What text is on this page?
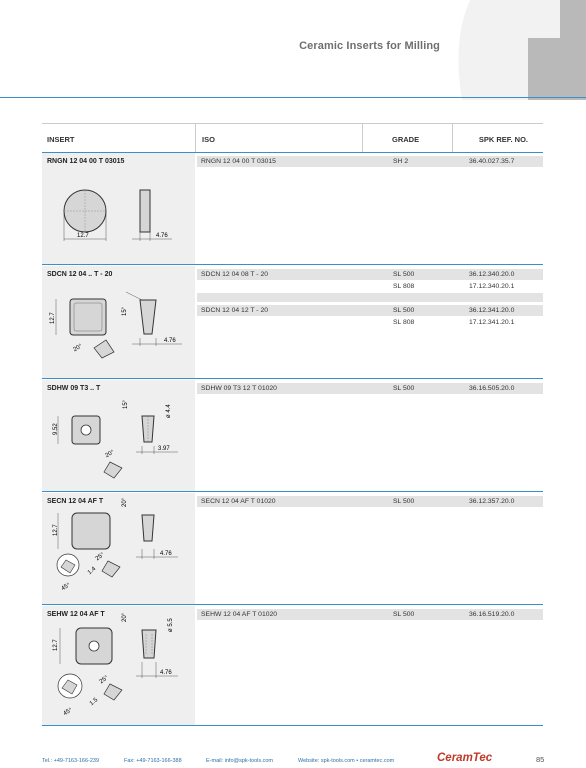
Ceramic Inserts for Milling
INSERT	ISO	GRADE	SPK REF. NO.
RNGN 12 04 00 T 03015
12.7	4.76
RNGN 12 04 00 T 03015	SH 2	36.40.027.35.7
SDCN 12 04 .. T - 20
12.7
20°
15°
4.76
SDCN 12 04 08 T - 20	SL 500	36.12.340.20.0
SL 808	17.12.340.20.1
SDCN 12 04 12 T - 20	SL 500	36.12.341.20.0
SL 808	17.12.341.20.1
SDHW 09 T3 .. T
9.52
20°
15°	ø 4.4
3.97
SDHW 09 T3 12 T 01020	SL 500	36.16.505.20.0
SECN 12 04 AF T
12.7
45°
1.4
25°
20°
4.76
SECN 12 04 AF T 01020	SL 500	36.12.357.20.0
SEHW 12 04 AF T
12.7
45°
1.5
25°
20°
ø 5.5
4.76
SEHW 12 04 AF T 01020	SL 500	36.16.519.20.0
Tel.: +49-7163-166-239	Fax: +49-7163-166-388	E-mail: info@spk-tools.com	Website: spk-tools.com • ceramtec.com	CeramTec	85
